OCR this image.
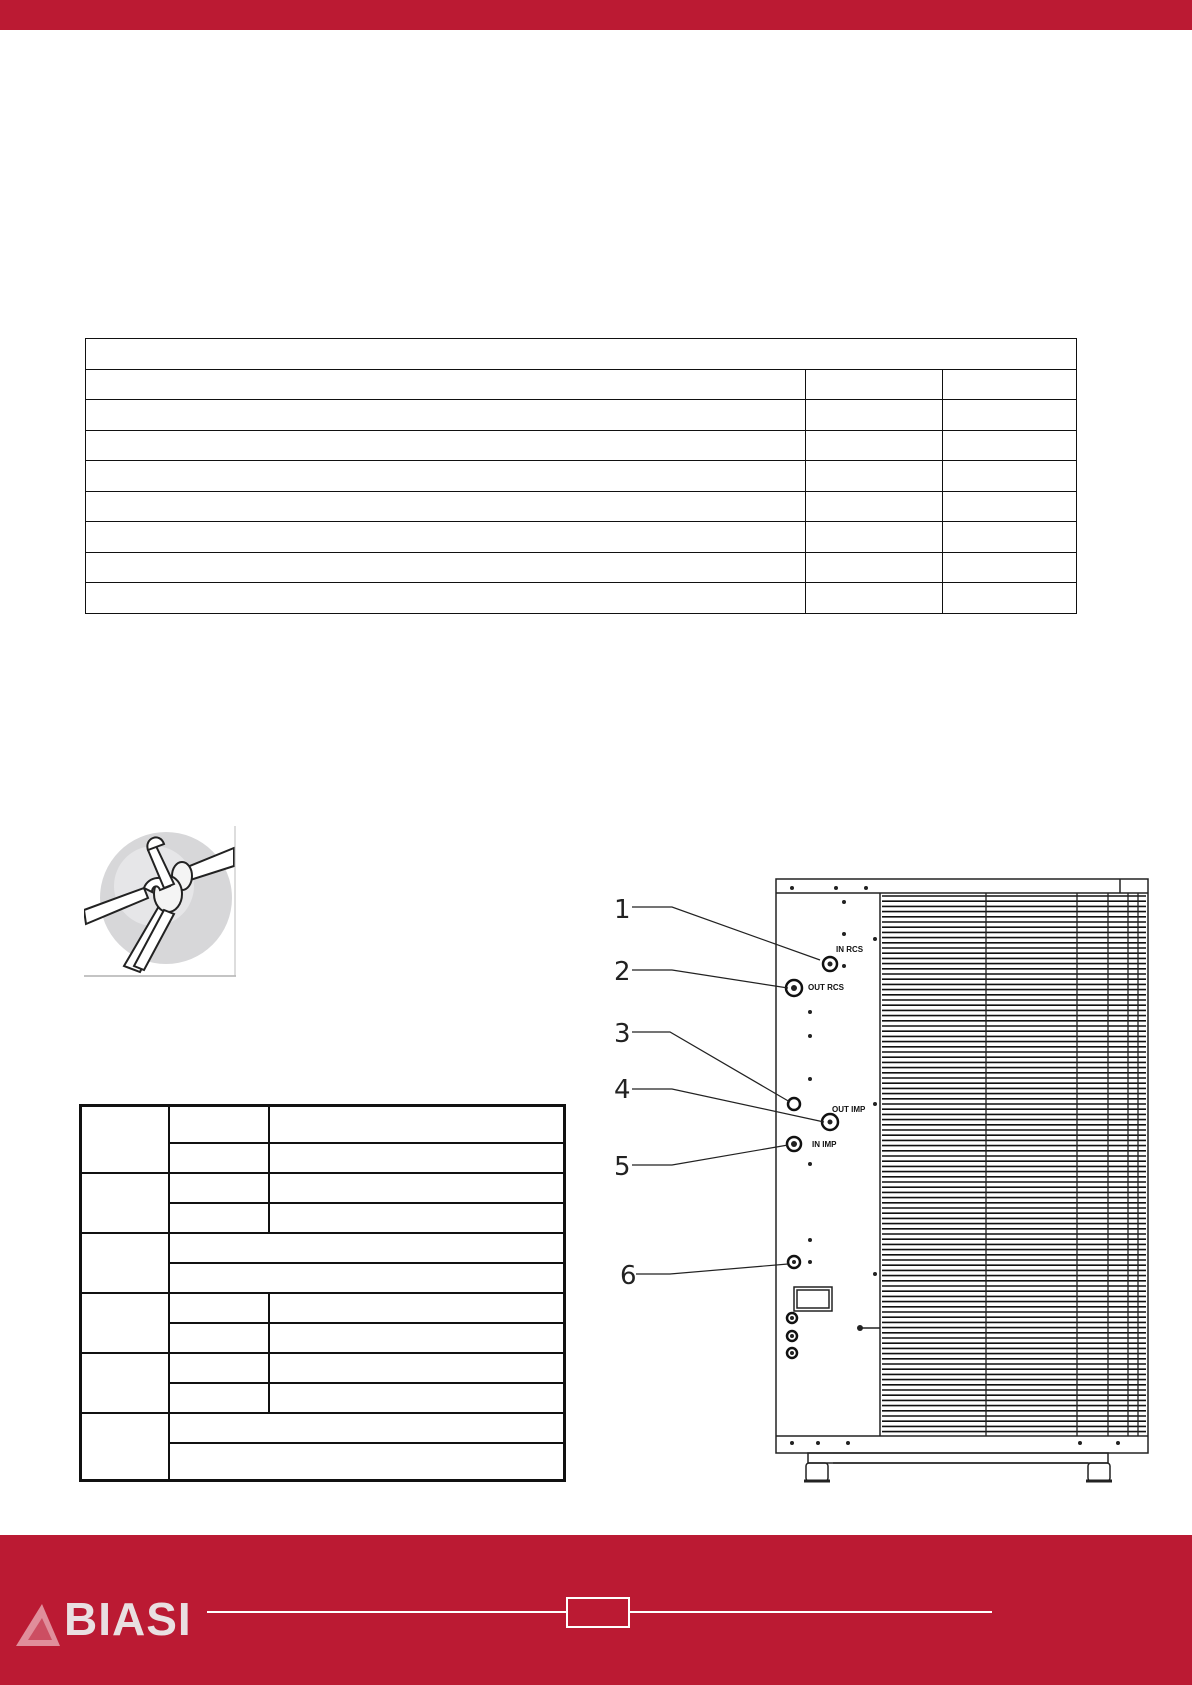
IN RCS
OUT RCS
OUT IMP
IN IMP
1
2
3
4
5
6
BIASI
